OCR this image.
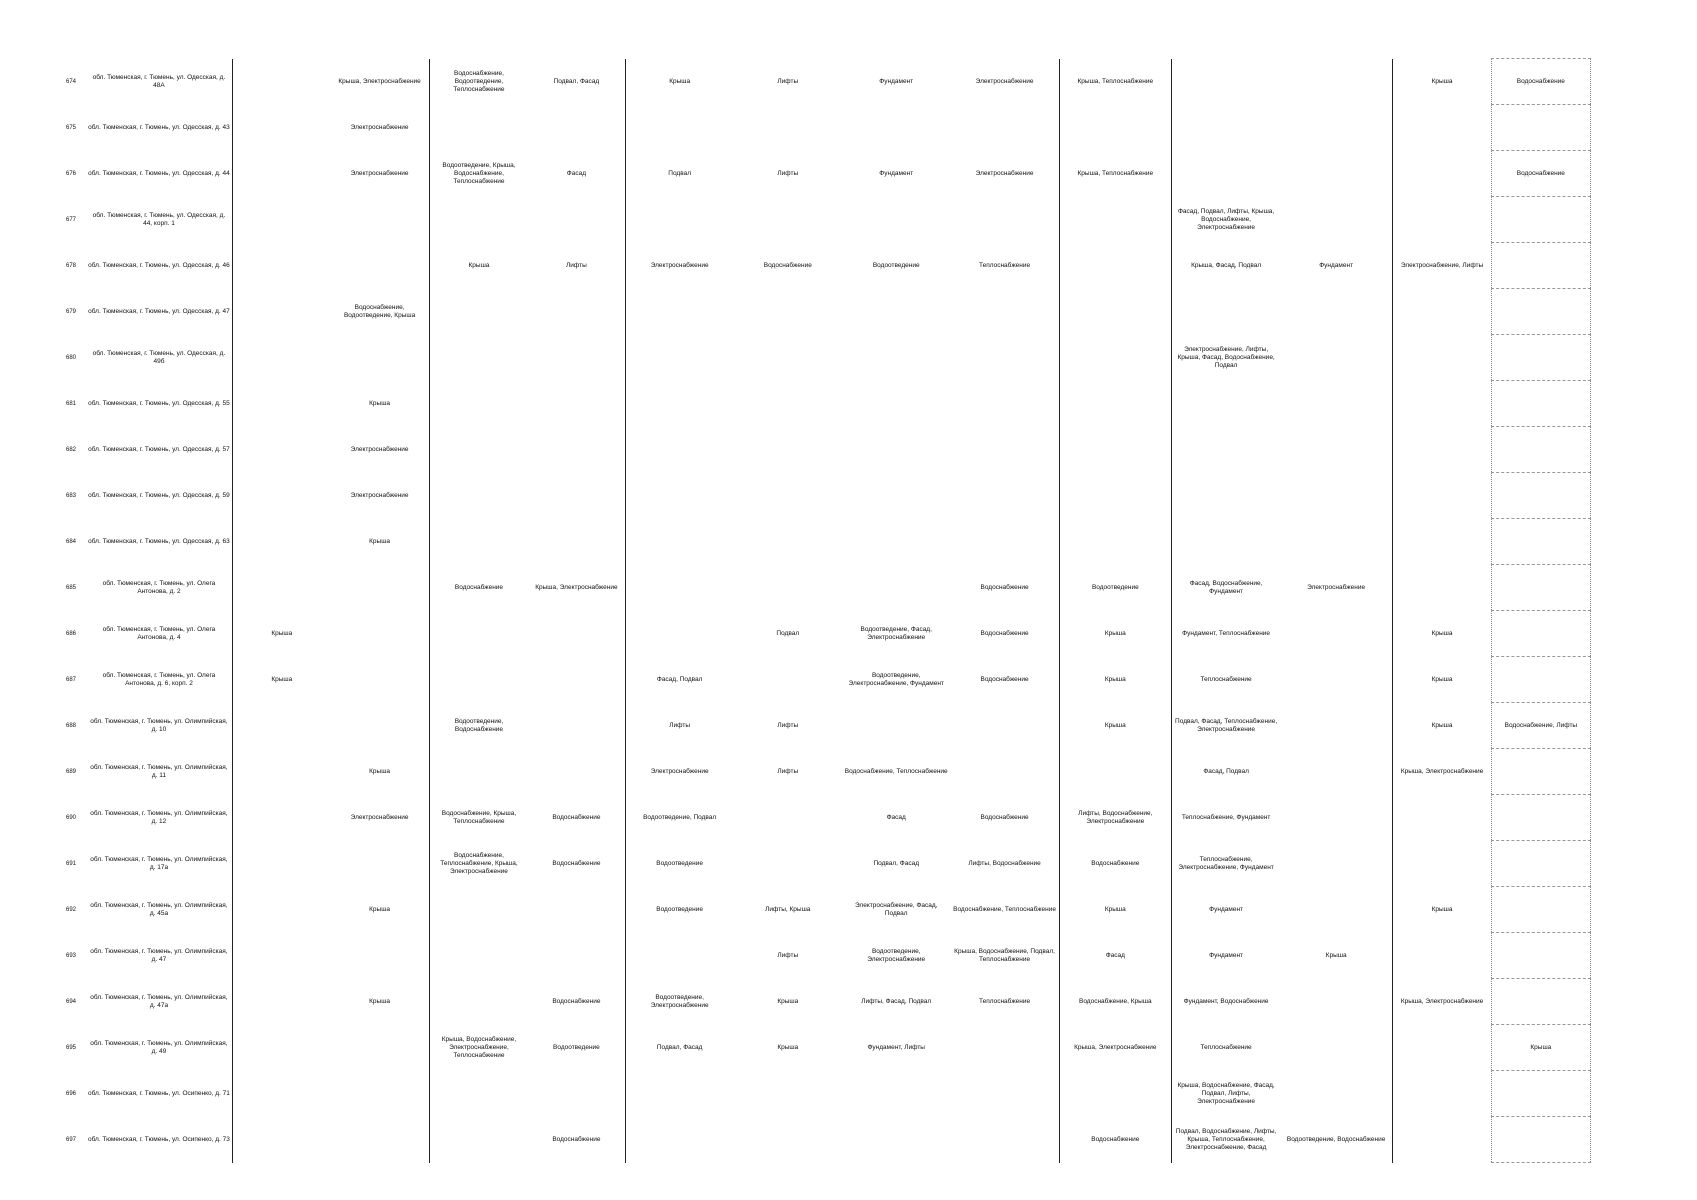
674	обл. Тюменская, г. Тюмень, ул. Одесская, д. 48А		Крыша, Электроснабжение	Водоснабжение, Водоотведение, Теплоснабжение	Подвал, Фасад	Крыша	Лифты	Фундамент	Электроснабжение	Крыша, Теплоснабжение			Крыша	Водоснабжение
675	обл. Тюменская, г. Тюмень, ул. Одесская, д. 43		Электроснабжение											
676	обл. Тюменская, г. Тюмень, ул. Одесская, д. 44		Электроснабжение	Водоотведение, Крыша, Водоснабжение, Теплоснабжение	Фасад	Подвал	Лифты	Фундамент	Электроснабжение	Крыша, Теплоснабжение				Водоснабжение
677	обл. Тюменская, г. Тюмень, ул. Одесская, д. 44, корп. 1										Фасад, Подвал, Лифты, Крыша, Водоснабжение, Электроснабжение			
678	обл. Тюменская, г. Тюмень, ул. Одесская, д. 46			Крыша	Лифты	Электроснабжение	Водоснабжение	Водоотведение	Теплоснабжение		Крыша, Фасад, Подвал	Фундамент	Электроснабжение, Лифты	
679	обл. Тюменская, г. Тюмень, ул. Одесская, д. 47		Водоснабжение, Водоотведение, Крыша											
680	обл. Тюменская, г. Тюмень, ул. Одесская, д. 49б										Электроснабжение, Лифты, Крыша, Фасад, Водоснабжение, Подвал			
681	обл. Тюменская, г. Тюмень, ул. Одесская, д. 55		Крыша											
682	обл. Тюменская, г. Тюмень, ул. Одесская, д. 57		Электроснабжение											
683	обл. Тюменская, г. Тюмень, ул. Одесская, д. 59		Электроснабжение											
684	обл. Тюменская, г. Тюмень, ул. Одесская, д. 63		Крыша											
685	обл. Тюменская, г. Тюмень, ул. Олега Антонова, д. 2			Водоснабжение	Крыша, Электроснабжение				Водоснабжение	Водоотведение	Фасад, Водоснабжение, Фундамент	Электроснабжение		
686	обл. Тюменская, г. Тюмень, ул. Олега Антонова, д. 4	Крыша					Подвал	Водоотведение, Фасад, Электроснабжение	Водоснабжение	Крыша	Фундамент, Теплоснабжение		Крыша	
687	обл. Тюменская, г. Тюмень, ул. Олега Антонова, д. 6, корп. 2	Крыша				Фасад, Подвал		Водоотведение, Электроснабжение, Фундамент	Водоснабжение	Крыша	Теплоснабжение		Крыша	
688	обл. Тюменская, г. Тюмень, ул. Олимпийская, д. 10			Водоотведение, Водоснабжение		Лифты	Лифты			Крыша	Подвал, Фасад, Теплоснабжение, Электроснабжение		Крыша	Водоснабжение, Лифты
689	обл. Тюменская, г. Тюмень, ул. Олимпийская, д. 11		Крыша			Электроснабжение	Лифты	Водоснабжение, Теплоснабжение			Фасад, Подвал		Крыша, Электроснабжение	
690	обл. Тюменская, г. Тюмень, ул. Олимпийская, д. 12		Электроснабжение	Водоснабжение, Крыша, Теплоснабжение	Водоснабжение	Водоотведение, Подвал		Фасад	Водоснабжение	Лифты, Водоснабжение, Электроснабжение	Теплоснабжение, Фундамент			
691	обл. Тюменская, г. Тюмень, ул. Олимпийская, д. 17а			Водоснабжение, Теплоснабжение, Крыша, Электроснабжение	Водоснабжение	Водоотведение		Подвал, Фасад	Лифты, Водоснабжение	Водоснабжение	Теплоснабжение, Электроснабжение, Фундамент			
692	обл. Тюменская, г. Тюмень, ул. Олимпийская, д. 45а		Крыша			Водоотведение	Лифты, Крыша	Электроснабжение, Фасад, Подвал	Водоснабжение, Теплоснабжение	Крыша	Фундамент		Крыша	
693	обл. Тюменская, г. Тюмень, ул. Олимпийская, д. 47						Лифты	Водоотведение, Электроснабжение	Крыша, Водоснабжение, Подвал, Теплоснабжение	Фасад	Фундамент	Крыша		
694	обл. Тюменская, г. Тюмень, ул. Олимпийская, д. 47а		Крыша		Водоснабжение	Водоотведение, Электроснабжение	Крыша	Лифты, Фасад, Подвал	Теплоснабжение	Водоснабжение, Крыша	Фундамент, Водоснабжение		Крыша, Электроснабжение	
695	обл. Тюменская, г. Тюмень, ул. Олимпийская, д. 49			Крыша, Водоснабжение, Электроснабжение, Теплоснабжение	Водоотведение	Подвал, Фасад	Крыша	Фундамент, Лифты		Крыша, Электроснабжение	Теплоснабжение			Крыша
696	обл. Тюменская, г. Тюмень, ул. Осипенко, д. 71										Крыша, Водоснабжение, Фасад, Подвал, Лифты, Электроснабжение			
697	обл. Тюменская, г. Тюмень, ул. Осипенко, д. 73				Водоснабжение					Водоснабжение	Подвал, Водоснабжение, Лифты, Крыша, Теплоснабжение, Электроснабжение, Фасад	Водоотведение, Водоснабжение		
